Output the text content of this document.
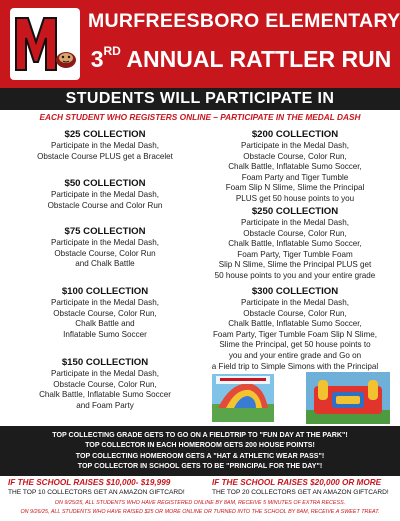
MURFREESBORO ELEMENTARY
3RD ANNUAL RATTLER RUN
STUDENTS WILL PARTICIPATE IN
EACH STUDENT WHO REGISTERS ONLINE – PARTICIPATE IN THE MEDAL DASH
$25 COLLECTION
Participate in the Medal Dash,
Obstacle Course PLUS get a Bracelet
$50 COLLECTION
Participate in the Medal Dash,
Obstacle Course and Color Run
$75 COLLECTION
Participate in the Medal Dash,
Obstacle Course, Color Run
and Chalk Battle
$100 COLLECTION
Participate in the Medal Dash,
Obstacle Course, Color Run,
Chalk Battle and
Inflatable Sumo Soccer
$150 COLLECTION
Participate in the Medal Dash,
Obstacle Course, Color Run,
Chalk Battle, Inflatable Sumo Soccer
and Foam Party
$200 COLLECTION
Participate in the Medal Dash,
Obstacle Course, Color Run,
Chalk Battle, Inflatable Sumo Soccer,
Foam Party and Tiger Tumble
Foam Slip N Slime, Slime the Principal
PLUS get 50 house points to you
$250 COLLECTION
Participate in the Medal Dash,
Obstacle Course, Color Run,
Chalk Battle, Inflatable Sumo Soccer,
Foam Party, Tiger Tumble Foam
Slip N Slime, Slime the Principal PLUS get
50 house points to you and your entire grade
$300 COLLECTION
Participate in the Medal Dash,
Obstacle Course, Color Run,
Chalk Battle, Inflatable Sumo Soccer,
Foam Party, Tiger Tumble Foam Slip N Slime,
Slime the Principal, get 50 house points to
you and your entire grade and Go on
a Field trip to Simple Simons with the Principal
TOP COLLECTING GRADE GETS TO GO ON A FIELDTRIP TO "FUN DAY AT THE PARK"!
TOP COLLECTOR IN EACH HOMEROOM GETS 200 HOUSE POINTS!
TOP COLLECTING HOMEROOM GETS A "HAT & ATHLETIC WEAR PASS"!
TOP COLLECTOR IN SCHOOL GETS TO BE "PRINCIPAL FOR THE DAY"!
IF THE SCHOOL RAISES $10,000- $19,999
THE TOP 10 COLLECTORS GET AN AMAZON GIFTCARD!
IF THE SCHOOL RAISES $20,000 OR MORE
THE TOP 20 COLLECTORS GET AN AMAZON GIFTCARD!
ON 9/25/25, ALL STUDENTS WHO HAVE REGISTERED ONLINE BY 8AM, RECEIVE 5 MINUTES OF EXTRA RECESS.
ON 9/26/25, ALL STUDENTS WHO HAVE RAISED $25 OR MORE ONLINE OR TURNED INTO THE SCHOOL BY 8AM, RECEIVE A SWEET TREAT.
